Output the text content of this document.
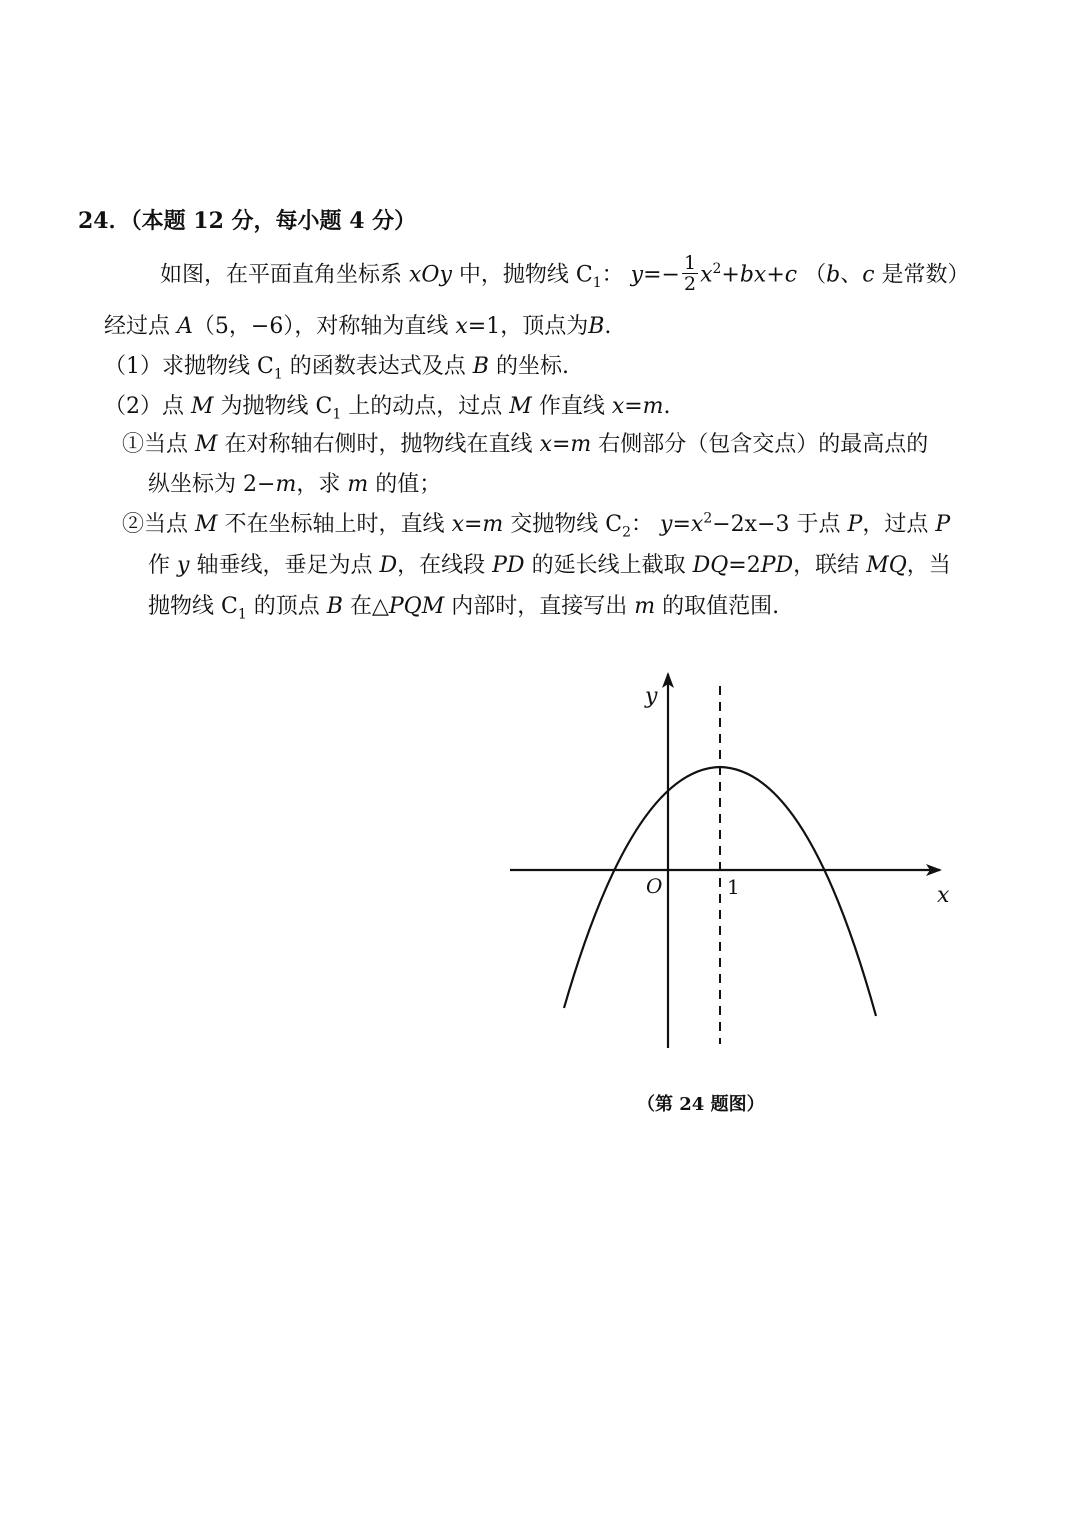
24．（本题 12 分，每小题 4 分）
如图，在平面直角坐标系 xOy 中，抛物线 $C_1$： $y=- \frac{1}{2} x^2+bx+c$ （b、c 是常数）
经过点 A（5，−6），对称轴为直线 x=1，顶点为B.
（1）求抛物线 $C_1$ 的函数表达式及点 B 的坐标.
（2）点 M 为抛物线 $C_1$ 上的动点，过点 M 作直线 x=m.
①当点 M 在对称轴右侧时，抛物线在直线 x=m 右侧部分（包含交点）的最高点的
纵坐标为 2−m，求 m 的值；
②当点 M 不在坐标轴上时，直线 x=m 交抛物线 $C_2$： $y=x^2-2x-3$ 于点 P，过点 P
作 y 轴垂线，垂足为点 D，在线段 PD 的延长线上截取 DQ=2PD，联结 MQ，当
抛物线 $C_1$ 的顶点 B 在△PQM 内部时，直接写出 m 的取值范围.
y
x
O	1
（第 24 题图）
